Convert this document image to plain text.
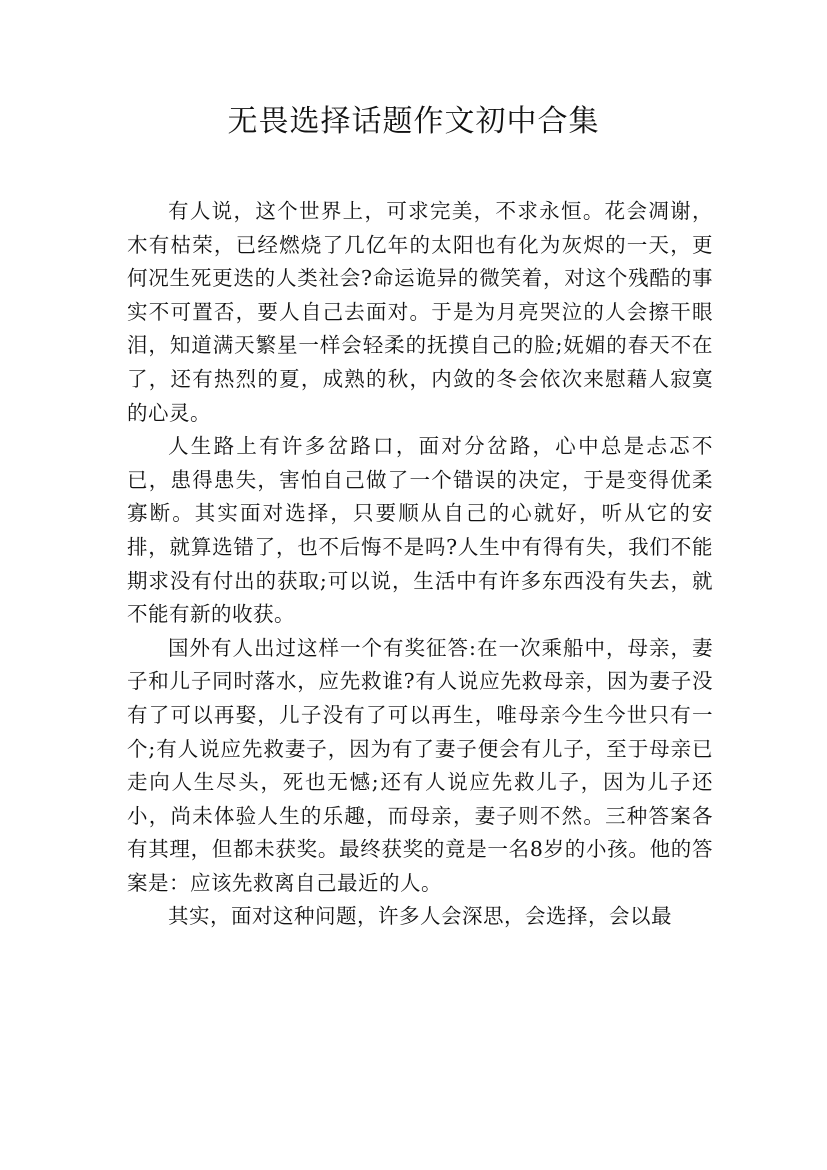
无畏选择话题作文初中合集

有人说，这个世界上，可求完美，不求永恒。花会凋谢，木有枯荣，已经燃烧了几亿年的太阳也有化为灰烬的一天，更何况生死更迭的人类社会?命运诡异的微笑着，对这个残酷的事实不可置否，要人自己去面对。于是为月亮哭泣的人会擦干眼泪，知道满天繁星一样会轻柔的抚摸自己的脸;妩媚的春天不在了，还有热烈的夏，成熟的秋，内敛的冬会依次来慰藉人寂寞的心灵。

人生路上有许多岔路口，面对分岔路，心中总是忐忑不已，患得患失，害怕自己做了一个错误的决定，于是变得优柔寡断。其实面对选择，只要顺从自己的心就好，听从它的安排，就算选错了，也不后悔不是吗?人生中有得有失，我们不能期求没有付出的获取;可以说，生活中有许多东西没有失去，就不能有新的收获。

国外有人出过这样一个有奖征答:在一次乘船中，母亲，妻子和儿子同时落水，应先救谁?有人说应先救母亲，因为妻子没有了可以再娶，儿子没有了可以再生，唯母亲今生今世只有一个;有人说应先救妻子，因为有了妻子便会有儿子，至于母亲已走向人生尽头，死也无憾;还有人说应先救儿子，因为儿子还小，尚未体验人生的乐趣，而母亲，妻子则不然。三种答案各有其理，但都未获奖。最终获奖的竟是一名8岁的小孩。他的答案是：应该先救离自己最近的人。

其实，面对这种问题，许多人会深思，会选择，会以最
